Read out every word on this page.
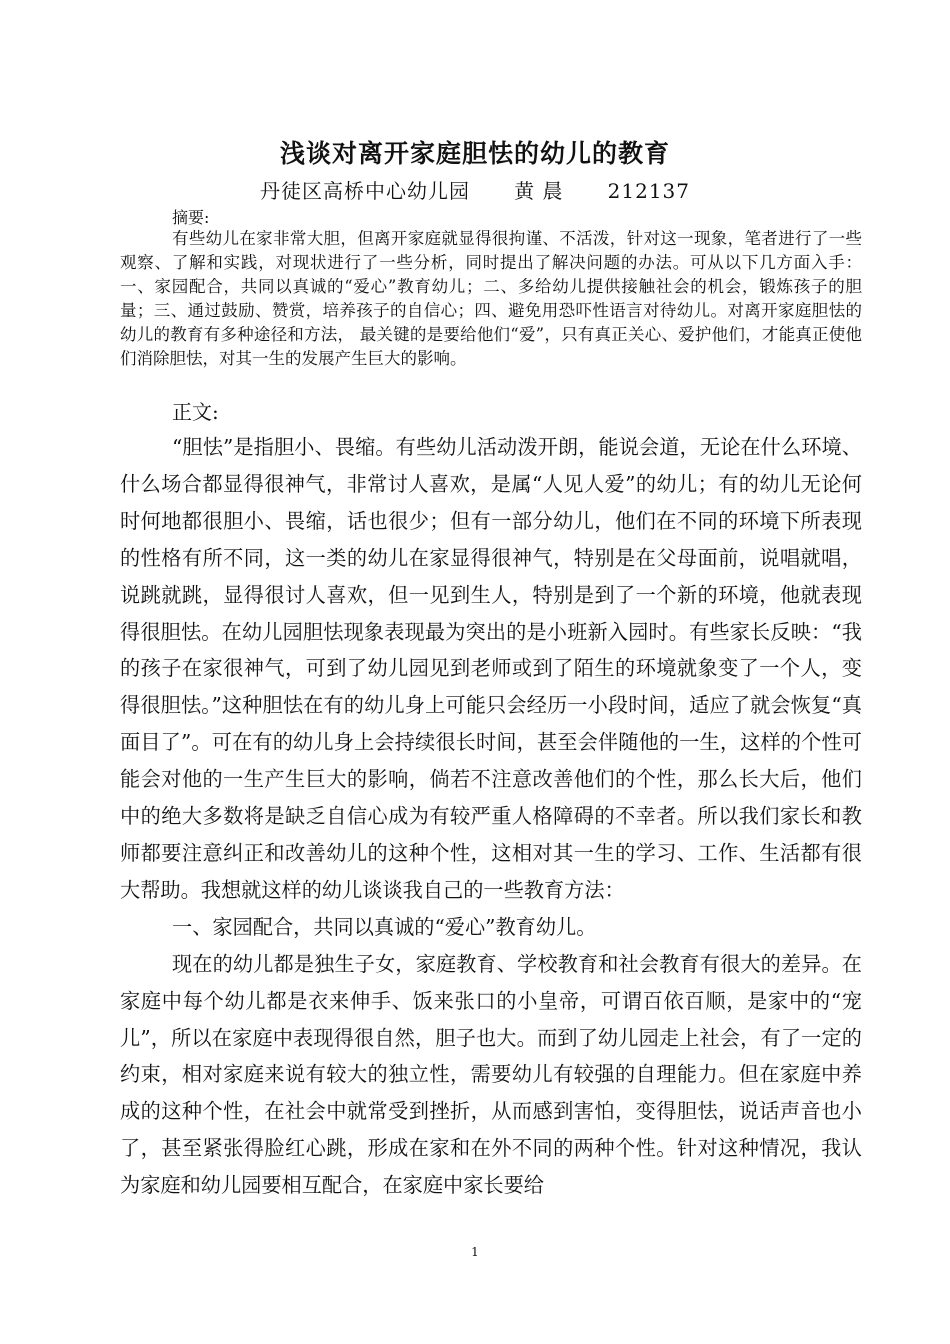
浅谈对离开家庭胆怯的幼儿的教育
丹徒区高桥中心幼儿园      黄 晨      212137
摘要:

有些幼儿在家非常大胆，但离开家庭就显得很拘谨、不活泼，针对这一现象，笔者进行了一些观察、了解和实践，对现状进行了一些分析，同时提出了解决问题的办法。可从以下几方面入手：一、家园配合，共同以真诚的“爱心”教育幼儿；二、多给幼儿提供接触社会的机会，锻炼孩子的胆量；三、通过鼓励、赞赏，培养孩子的自信心；四、避免用恐吓性语言对待幼儿。对离开家庭胆怯的幼儿的教育有多种途径和方法， 最关键的是要给他们“爱”，只有真正关心、爱护他们，才能真正使他们消除胆怯，对其一生的发展产生巨大的影响。

正文:

“胆怯”是指胆小、畏缩。有些幼儿活动泼开朗，能说会道，无论在什么环境、什么场合都显得很神气，非常讨人喜欢，是属“人见人爱”的幼儿；有的幼儿无论何时何地都很胆小、畏缩，话也很少；但有一部分幼儿，他们在不同的环境下所表现的性格有所不同，这一类的幼儿在家显得很神气，特别是在父母面前，说唱就唱，说跳就跳，显得很讨人喜欢，但一见到生人，特别是到了一个新的环境，他就表现得很胆怯。在幼儿园胆怯现象表现最为突出的是小班新入园时。有些家长反映：“我的孩子在家很神气，可到了幼儿园见到老师或到了陌生的环境就象变了一个人，变得很胆怯。”这种胆怯在有的幼儿身上可能只会经历一小段时间，适应了就会恢复“真面目了”。可在有的幼儿身上会持续很长时间，甚至会伴随他的一生，这样的个性可能会对他的一生产生巨大的影响，倘若不注意改善他们的个性，那么长大后，他们中的绝大多数将是缺乏自信心成为有较严重人格障碍的不幸者。所以我们家长和教师都要注意纠正和改善幼儿的这种个性，这相对其一生的学习、工作、生活都有很大帮助。我想就这样的幼儿谈谈我自己的一些教育方法：

一、家园配合，共同以真诚的“爱心”教育幼儿。

现在的幼儿都是独生子女，家庭教育、学校教育和社会教育有很大的差异。在家庭中每个幼儿都是衣来伸手、饭来张口的小皇帝，可谓百依百顺，是家中的“宠儿”，所以在家庭中表现得很自然，胆子也大。而到了幼儿园走上社会，有了一定的约束，相对家庭来说有较大的独立性，需要幼儿有较强的自理能力。但在家庭中养成的这种个性，在社会中就常受到挫折，从而感到害怕，变得胆怯，说话声音也小了，甚至紧张得脸红心跳，形成在家和在外不同的两种个性。针对这种情况，我认为家庭和幼儿园要相互配合，在家庭中家长要给

1
